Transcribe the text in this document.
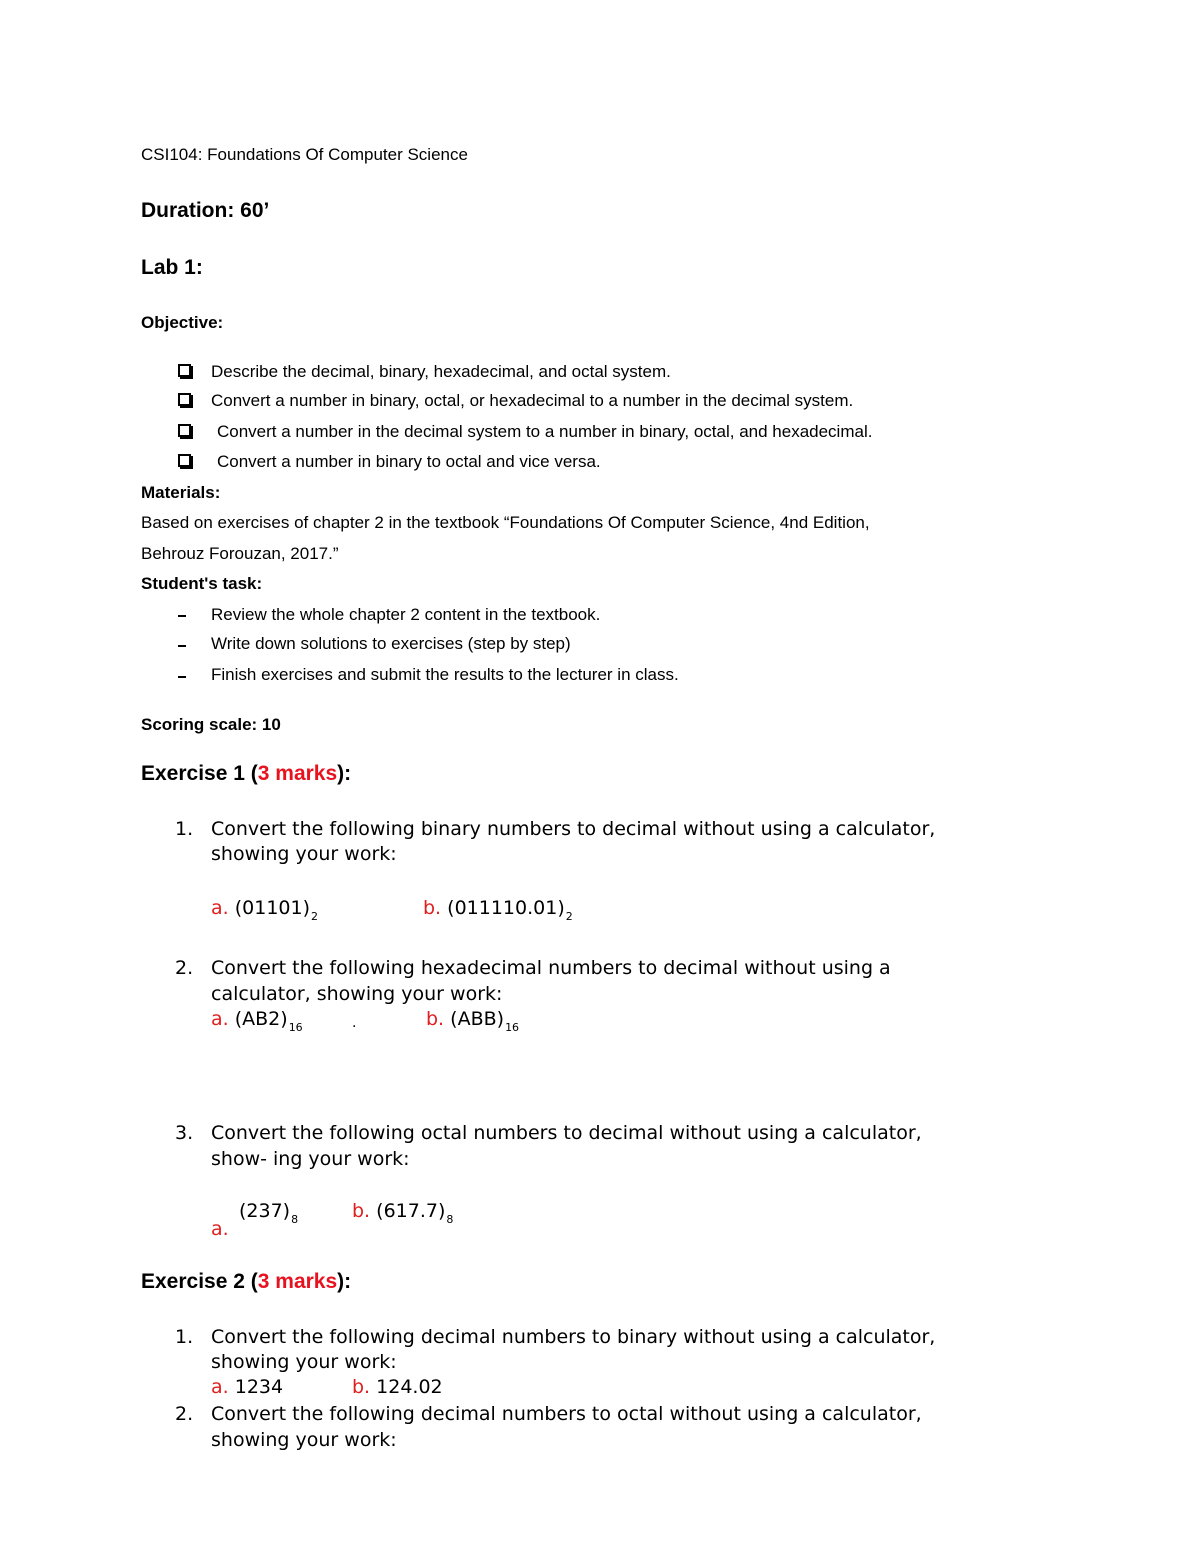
CSI104: Foundations Of Computer Science
Duration: 60’
Lab 1:
Objective:
Describe the decimal, binary, hexadecimal, and octal system.
Convert a number in binary, octal, or hexadecimal to a number in the decimal system.
Convert a number in the decimal system to a number in binary, octal, and hexadecimal.
Convert a number in binary to octal and vice versa.
Materials:
Based on exercises of chapter 2 in the textbook “Foundations Of Computer Science, 4nd Edition,
Behrouz Forouzan, 2017.”
Student's task:
Review the whole chapter 2 content in the textbook.
Write down solutions to exercises (step by step)
Finish exercises and submit the results to the lecturer in class.
Scoring scale: 10
Exercise 1 (3 marks):
1. Convert the following binary numbers to decimal without using a calculator,
showing your work:
a. $(01101)_2$	b. $(011110.01)_2$
2. Convert the following hexadecimal numbers to decimal without using a
calculator, showing your work:
a. $(AB2)_{16}$	.	b. $(ABB)_{16}$
3. Convert the following octal numbers to decimal without using a calculator,
show- ing your work:
a.
$(237)_8$	b. $(617.7)_8$
Exercise 2 (3 marks):
1. Convert the following decimal numbers to binary without using a calculator,
showing your work:
a. 1234	b. 124.02
2. Convert the following decimal numbers to octal without using a calculator,
showing your work:
